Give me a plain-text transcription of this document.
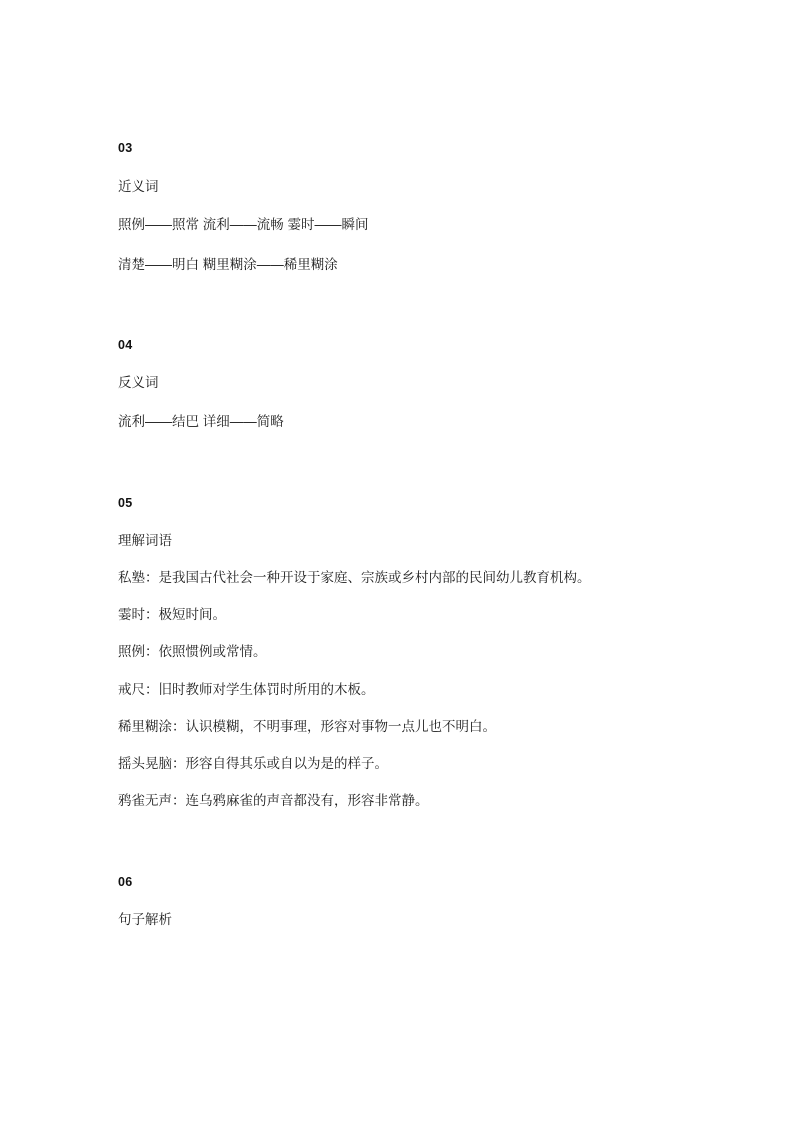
03

近义词

照例——照常 流利——流畅 霎时——瞬间

清楚——明白 糊里糊涂——稀里糊涂

04

反义词

流利——结巴 详细——简略

05

理解词语

私塾：是我国古代社会一种开设于家庭、宗族或乡村内部的民间幼儿教育机构。

霎时：极短时间。

照例：依照惯例或常情。

戒尺：旧时教师对学生体罚时所用的木板。

稀里糊涂：认识模糊，不明事理，形容对事物一点儿也不明白。

摇头晃脑：形容自得其乐或自以为是的样子。

鸦雀无声：连乌鸦麻雀的声音都没有，形容非常静。

06

句子解析
